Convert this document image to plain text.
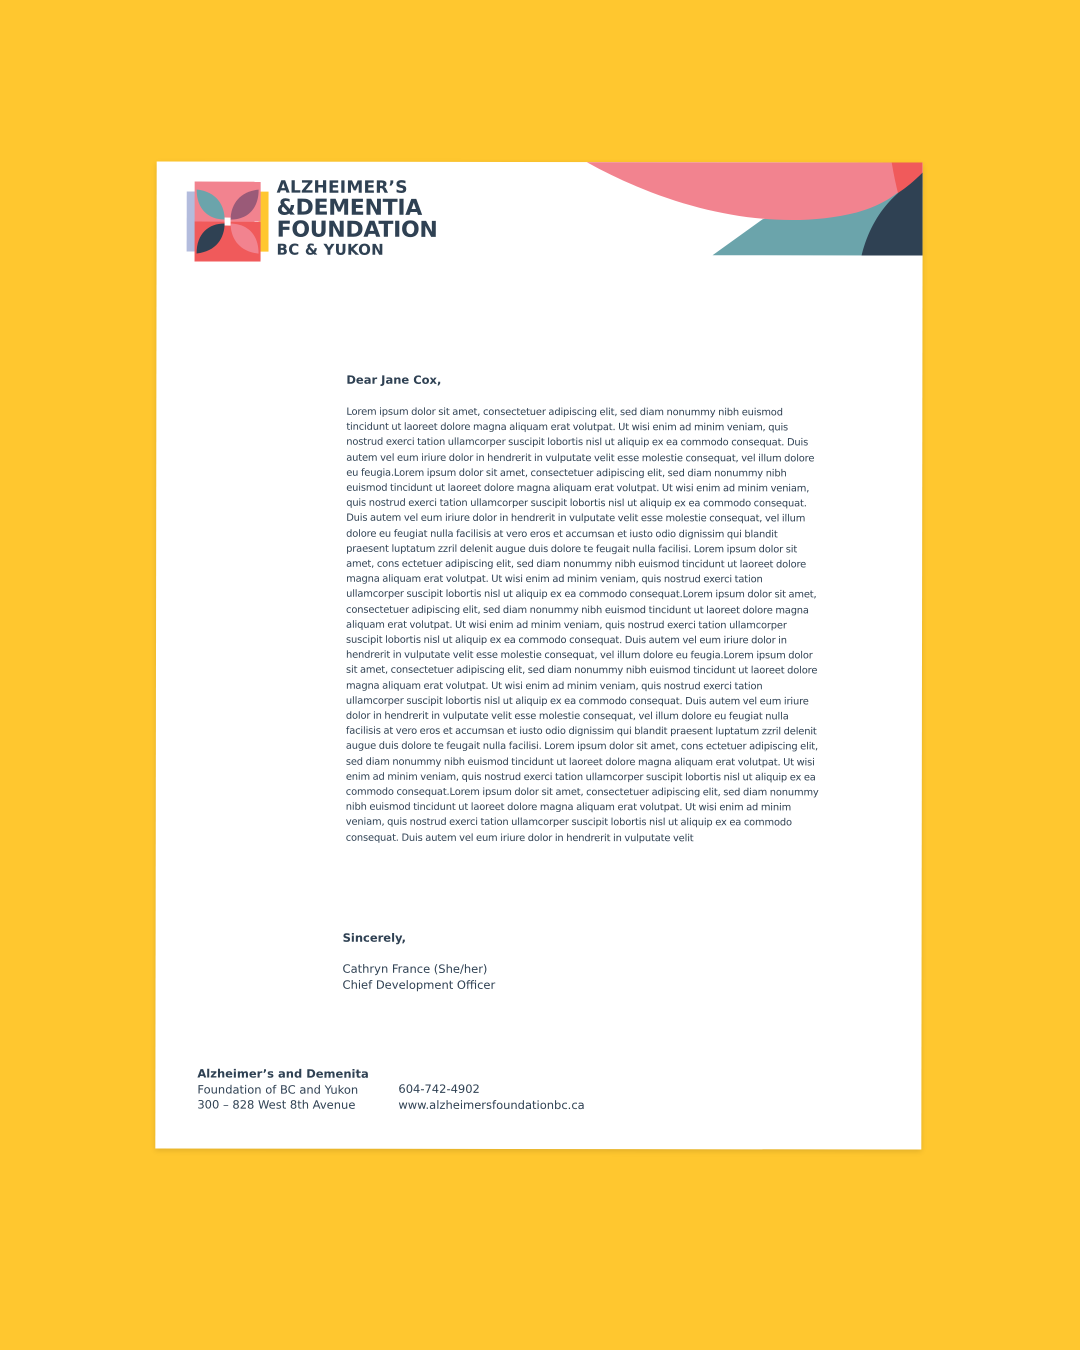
ALZHEIMER’S
&DEMENTIA
FOUNDATION
BC & YUKON
Dear Jane Cox,

Lorem ipsum dolor sit amet, consectetuer adipiscing elit, sed diam nonummy nibh euismod tincidunt ut laoreet dolore magna aliquam erat volutpat. Ut wisi enim ad minim veniam, quis nostrud exerci tation ullamcorper suscipit lobortis nisl ut aliquip ex ea commodo consequat. Duis autem vel eum iriure dolor in hendrerit in vulputate velit esse molestie consequat, vel illum dolore eu feugia.Lorem ipsum dolor sit amet, consectetuer adipiscing elit, sed diam nonummy nibh euismod tincidunt ut laoreet dolore magna aliquam erat volutpat. Ut wisi enim ad minim veniam, quis nostrud exerci tation ullamcorper suscipit lobortis nisl ut aliquip ex ea commodo consequat. Duis autem vel eum iriure dolor in hendrerit in vulputate velit esse molestie consequat, vel illum dolore eu feugiat nulla facilisis at vero eros et accumsan et iusto odio dignissim qui blandit praesent luptatum zzril delenit augue duis dolore te feugait nulla facilisi. Lorem ipsum dolor sit amet, cons ectetuer adipiscing elit, sed diam nonummy nibh euismod tincidunt ut laoreet dolore magna aliquam erat volutpat. Ut wisi enim ad minim veniam, quis nostrud exerci tation ullamcorper suscipit lobortis nisl ut aliquip ex ea commodo consequat.Lorem ipsum dolor sit amet, consectetuer adipiscing elit, sed diam nonummy nibh euismod tincidunt ut laoreet dolore magna aliquam erat volutpat. Ut wisi enim ad minim veniam, quis nostrud exerci tation ullamcorper suscipit lobortis nisl ut aliquip ex ea commodo consequat. Duis autem vel eum iriure dolor in hendrerit in vulputate velit esse molestie consequat, vel illum dolore eu feugia.Lorem ipsum dolor sit amet, consectetuer adipiscing elit, sed diam nonummy nibh euismod tincidunt ut laoreet dolore magna aliquam erat volutpat. Ut wisi enim ad minim veniam, quis nostrud exerci tation ullamcorper suscipit lobortis nisl ut aliquip ex ea commodo consequat. Duis autem vel eum iriure dolor in hendrerit in vulputate velit esse molestie consequat, vel illum dolore eu feugiat nulla facilisis at vero eros et accumsan et iusto odio dignissim qui blandit praesent luptatum zzril delenit augue duis dolore te feugait nulla facilisi. Lorem ipsum dolor sit amet, cons ectetuer adipiscing elit, sed diam nonummy nibh euismod tincidunt ut laoreet dolore magna aliquam erat volutpat. Ut wisi enim ad minim veniam, quis nostrud exerci tation ullamcorper suscipit lobortis nisl ut aliquip ex ea commodo consequat.Lorem ipsum dolor sit amet, consectetuer adipiscing elit, sed diam nonummy nibh euismod tincidunt ut laoreet dolore magna aliquam erat volutpat. Ut wisi enim ad minim veniam, quis nostrud exerci tation ullamcorper suscipit lobortis nisl ut aliquip ex ea commodo consequat. Duis autem vel eum iriure dolor in hendrerit in vulputate velit

Sincerely,
Cathryn France (She/her)
Chief Development Officer
Alzheimer’s and Demenita
Foundation of BC and Yukon
300 – 828 West 8th Avenue
604-742-4902
www.alzheimersfoundationbc.ca
